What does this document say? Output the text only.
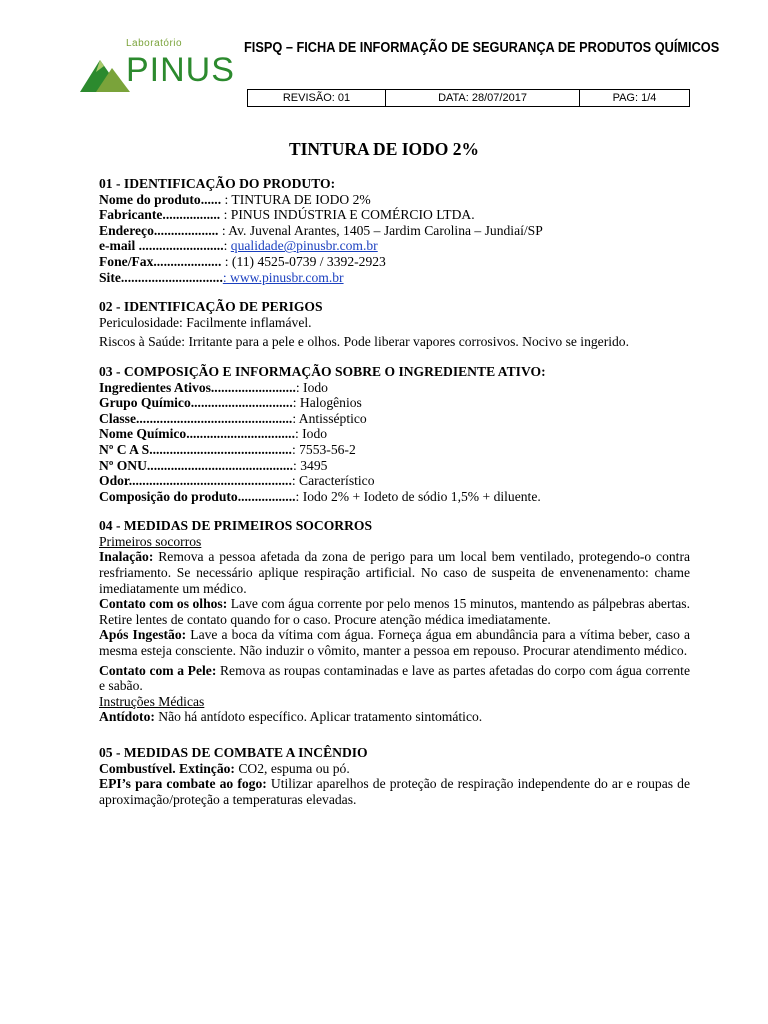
Laboratório
PINUS
FISPQ – FICHA DE INFORMAÇÃO DE SEGURANÇA DE PRODUTOS QUÍMICOS
REVISÃO: 01	DATA: 28/07/2017	PAG: 1/4
TINTURA DE IODO 2%
01 - IDENTIFICAÇÃO DO PRODUTO:
Nome do produto...... : TINTURA DE IODO 2%
Fabricante................. : PINUS INDÚSTRIA E COMÉRCIO LTDA.
Endereço................... : Av. Juvenal Arantes, 1405 – Jardim Carolina – Jundiaí/SP
e-mail .........................: qualidade@pinusbr.com.br
Fone/Fax.................... : (11) 4525-0739 / 3392-2923
Site..............................: www.pinusbr.com.br
02 - IDENTIFICAÇÃO DE PERIGOS
Periculosidade: Facilmente inflamável.
Riscos à Saúde: Irritante para a pele e olhos. Pode liberar vapores corrosivos. Nocivo se ingerido.
03 - COMPOSIÇÃO E INFORMAÇÃO SOBRE O INGREDIENTE ATIVO:
Ingredientes Ativos.........................: Iodo
Grupo Químico..............................: Halogênios
Classe..............................................: Antisséptico
Nome Químico................................: Iodo
Nº C A S..........................................: 7553-56-2
Nº ONU...........................................: 3495
Odor................................................: Característico
Composição do produto.................: Iodo 2% + Iodeto de sódio 1,5% + diluente.
04 - MEDIDAS DE PRIMEIROS SOCORROS
Primeiros socorros
Inalação: Remova a pessoa afetada da zona de perigo para um local bem ventilado, protegendo-o contra resfriamento. Se necessário aplique respiração artificial. No caso de suspeita de envenenamento: chame imediatamente um médico.
Contato com os olhos: Lave com água corrente por pelo menos 15 minutos, mantendo as pálpebras abertas. Retire lentes de contato quando for o caso. Procure atenção médica imediatamente.
Após Ingestão: Lave a boca da vítima com água. Forneça água em abundância para a vítima beber, caso a mesma esteja consciente. Não induzir o vômito, manter a pessoa em repouso. Procurar atendimento médico.
Contato com a Pele: Remova as roupas contaminadas e lave as partes afetadas do corpo com água corrente e sabão.
Instruções Médicas
Antídoto: Não há antídoto específico. Aplicar tratamento sintomático.
05 - MEDIDAS DE COMBATE A INCÊNDIO
Combustível. Extinção: CO2, espuma ou pó.
EPI’s para combate ao fogo: Utilizar aparelhos de proteção de respiração independente do ar e roupas de aproximação/proteção a temperaturas elevadas.
